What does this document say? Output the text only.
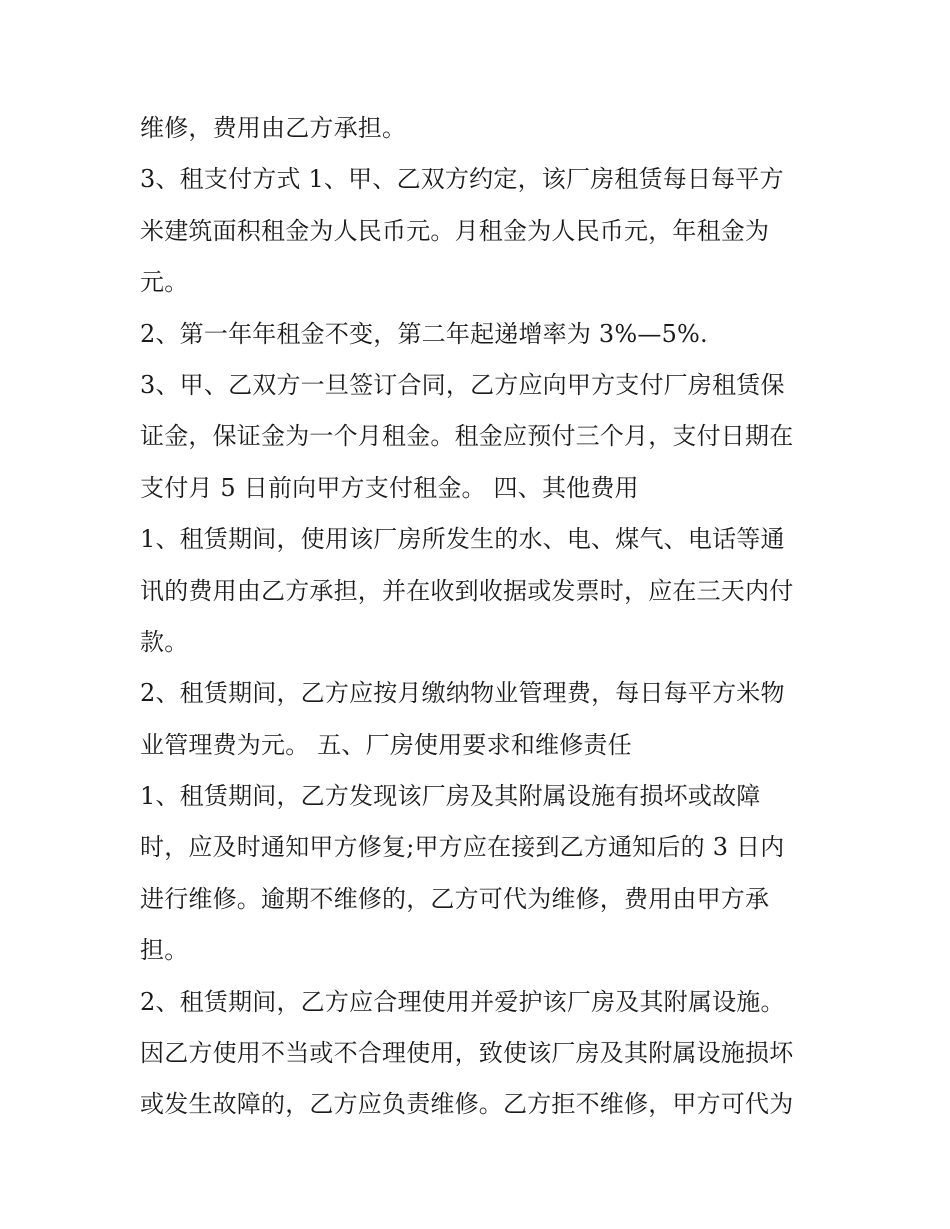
维修，费用由乙方承担。
3、租支付方式 1、甲、乙双方约定，该厂房租赁每日每平方
米建筑面积租金为人民币元。月租金为人民币元，年租金为
元。
2、第一年年租金不变，第二年起递增率为 3%—5%.
3、甲、乙双方一旦签订合同，乙方应向甲方支付厂房租赁保
证金，保证金为一个月租金。租金应预付三个月，支付日期在
支付月 5 日前向甲方支付租金。 四、其他费用
1、租赁期间，使用该厂房所发生的水、电、煤气、电话等通
讯的费用由乙方承担，并在收到收据或发票时，应在三天内付
款。
2、租赁期间，乙方应按月缴纳物业管理费，每日每平方米物
业管理费为元。 五、厂房使用要求和维修责任
1、租赁期间，乙方发现该厂房及其附属设施有损坏或故障
时，应及时通知甲方修复;甲方应在接到乙方通知后的 3 日内
进行维修。逾期不维修的，乙方可代为维修，费用由甲方承
担。
2、租赁期间，乙方应合理使用并爱护该厂房及其附属设施。
因乙方使用不当或不合理使用，致使该厂房及其附属设施损坏
或发生故障的，乙方应负责维修。乙方拒不维修，甲方可代为
